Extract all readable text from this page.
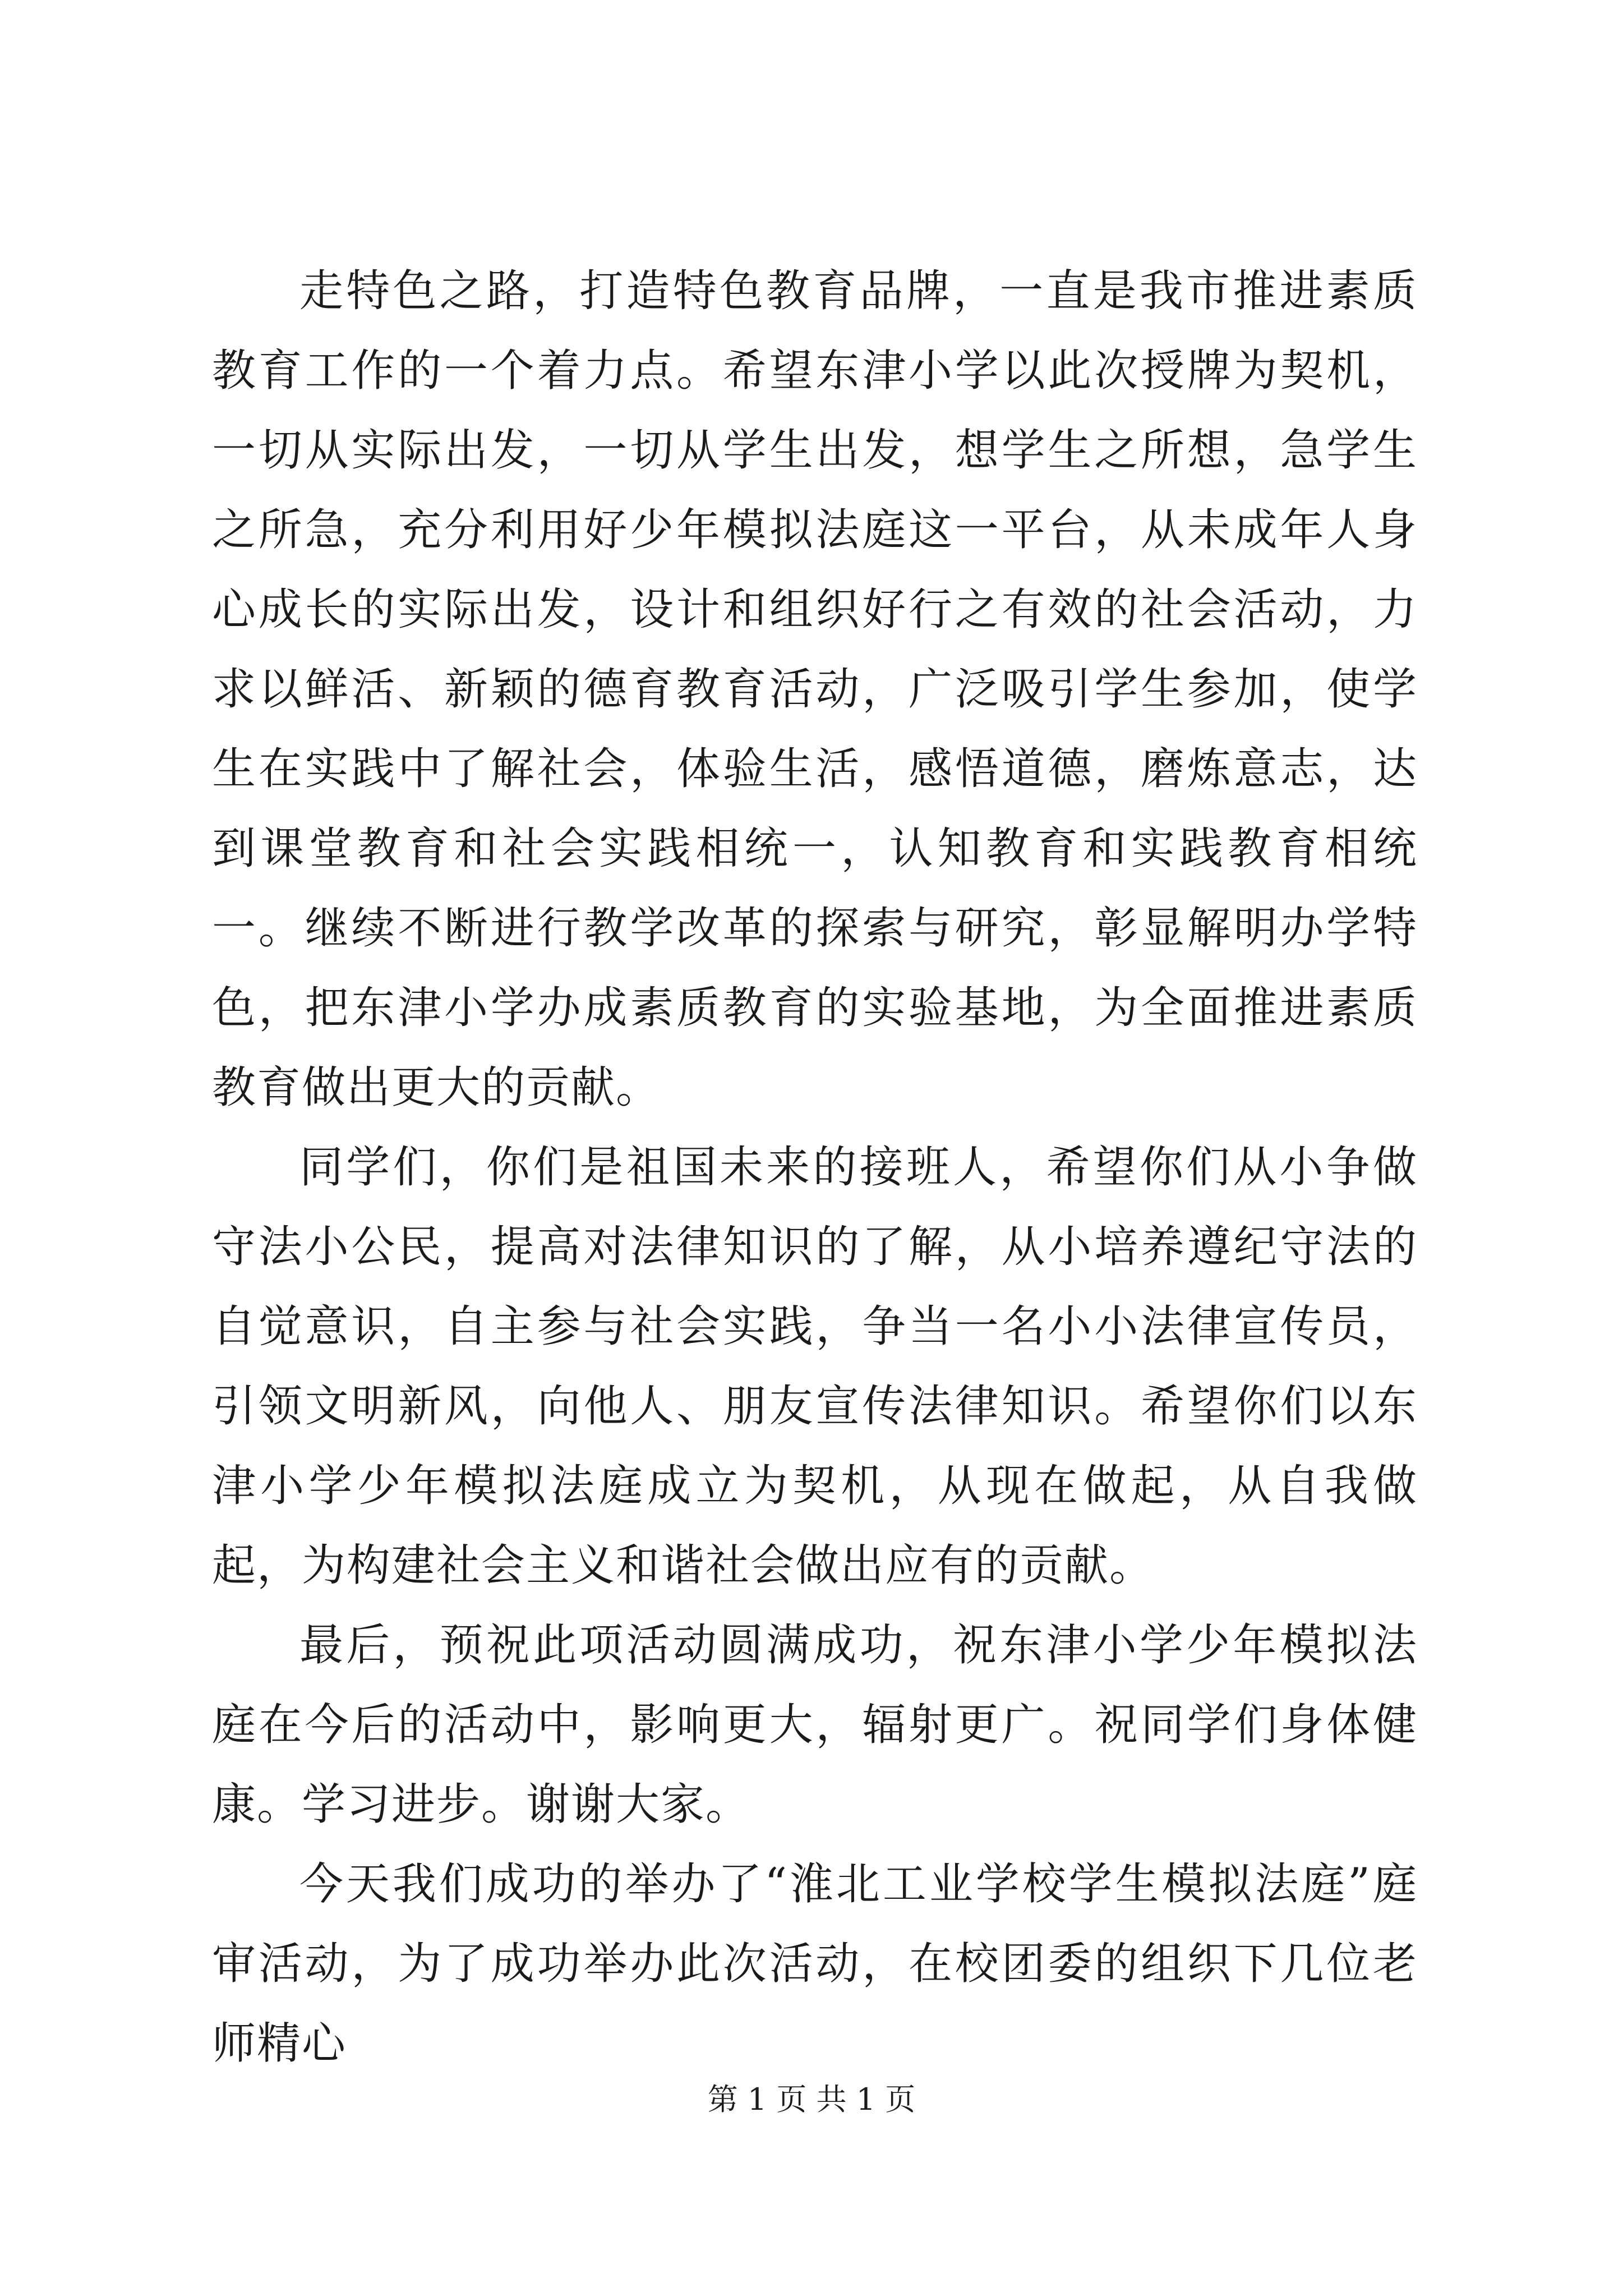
走特色之路，打造特色教育品牌，一直是我市推进素质教育工作的一个着力点。希望东津小学以此次授牌为契机，一切从实际出发，一切从学生出发，想学生之所想，急学生之所急，充分利用好少年模拟法庭这一平台，从未成年人身心成长的实际出发，设计和组织好行之有效的社会活动，力求以鲜活、新颖的德育教育活动，广泛吸引学生参加，使学生在实践中了解社会，体验生活，感悟道德，磨炼意志，达到课堂教育和社会实践相统一，认知教育和实践教育相统一。继续不断进行教学改革的探索与研究，彰显解明办学特色，把东津小学办成素质教育的实验基地，为全面推进素质教育做出更大的贡献。

同学们，你们是祖国未来的接班人，希望你们从小争做守法小公民，提高对法律知识的了解，从小培养遵纪守法的自觉意识，自主参与社会实践，争当一名小小法律宣传员，引领文明新风，向他人、朋友宣传法律知识。希望你们以东津小学少年模拟法庭成立为契机，从现在做起，从自我做起，为构建社会主义和谐社会做出应有的贡献。

最后，预祝此项活动圆满成功，祝东津小学少年模拟法庭在今后的活动中，影响更大，辐射更广。祝同学们身体健康。学习进步。谢谢大家。

今天我们成功的举办了“淮北工业学校学生模拟法庭”庭审活动，为了成功举办此次活动，在校团委的组织下几位老师精心

第 1 页 共 1 页
